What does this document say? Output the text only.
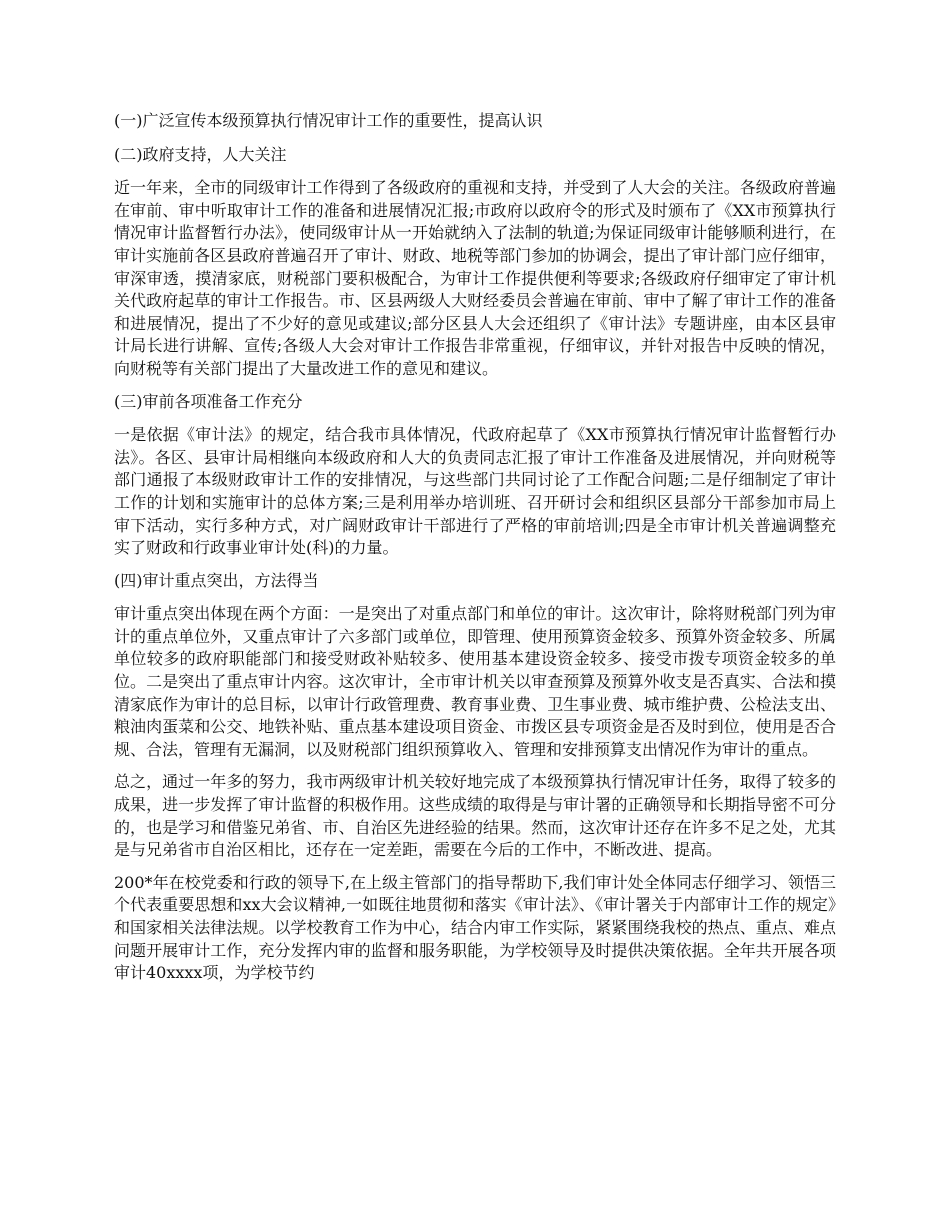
(一)广泛宣传本级预算执行情况审计工作的重要性，提高认识

(二)政府支持，人大关注

近一年来，全市的同级审计工作得到了各级政府的重视和支持，并受到了人大会的关注。各级政府普遍在审前、审中听取审计工作的准备和进展情况汇报;市政府以政府令的形式及时颁布了《XX市预算执行情况审计监督暂行办法》，使同级审计从一开始就纳入了法制的轨道;为保证同级审计能够顺利进行，在审计实施前各区县政府普遍召开了审计、财政、地税等部门参加的协调会，提出了审计部门应仔细审，审深审透，摸清家底，财税部门要积极配合，为审计工作提供便利等要求;各级政府仔细审定了审计机关代政府起草的审计工作报告。市、区县两级人大财经委员会普遍在审前、审中了解了审计工作的准备和进展情况，提出了不少好的意见或建议;部分区县人大会还组织了《审计法》专题讲座，由本区县审计局长进行讲解、宣传;各级人大会对审计工作报告非常重视，仔细审议，并针对报告中反映的情况，向财税等有关部门提出了大量改进工作的意见和建议。

(三)审前各项准备工作充分

一是依据《审计法》的规定，结合我市具体情况，代政府起草了《XX市预算执行情况审计监督暂行办法》。各区、县审计局相继向本级政府和人大的负责同志汇报了审计工作准备及进展情况，并向财税等部门通报了本级财政审计工作的安排情况，与这些部门共同讨论了工作配合问题;二是仔细制定了审计工作的计划和实施审计的总体方案;三是利用举办培训班、召开研讨会和组织区县部分干部参加市局上审下活动，实行多种方式，对广阔财政审计干部进行了严格的审前培训;四是全市审计机关普遍调整充实了财政和行政事业审计处(科)的力量。

(四)审计重点突出，方法得当

审计重点突出体现在两个方面：一是突出了对重点部门和单位的审计。这次审计，除将财税部门列为审计的重点单位外，又重点审计了六多部门或单位，即管理、使用预算资金较多、预算外资金较多、所属单位较多的政府职能部门和接受财政补贴较多、使用基本建设资金较多、接受市拨专项资金较多的单位。二是突出了重点审计内容。这次审计，全市审计机关以审查预算及预算外收支是否真实、合法和摸清家底作为审计的总目标，以审计行政管理费、教育事业费、卫生事业费、城市维护费、公检法支出、粮油肉蛋菜和公交、地铁补贴、重点基本建设项目资金、市拨区县专项资金是否及时到位，使用是否合规、合法，管理有无漏洞，以及财税部门组织预算收入、管理和安排预算支出情况作为审计的重点。

总之，通过一年多的努力，我市两级审计机关较好地完成了本级预算执行情况审计任务，取得了较多的成果，进一步发挥了审计监督的积极作用。这些成绩的取得是与审计署的正确领导和长期指导密不可分的，也是学习和借鉴兄弟省、市、自治区先进经验的结果。然而，这次审计还存在许多不足之处，尤其是与兄弟省市自治区相比，还存在一定差距，需要在今后的工作中，不断改进、提高。

200*年在校党委和行政的领导下,在上级主管部门的指导帮助下,我们审计处全体同志仔细学习、领悟三个代表重要思想和xx大会议精神,一如既往地贯彻和落实《审计法》、《审计署关于内部审计工作的规定》和国家相关法律法规。以学校教育工作为中心，结合内审工作实际，紧紧围绕我校的热点、重点、难点问题开展审计工作，充分发挥内审的监督和服务职能，为学校领导及时提供决策依据。全年共开展各项审计40xxxx项，为学校节约
